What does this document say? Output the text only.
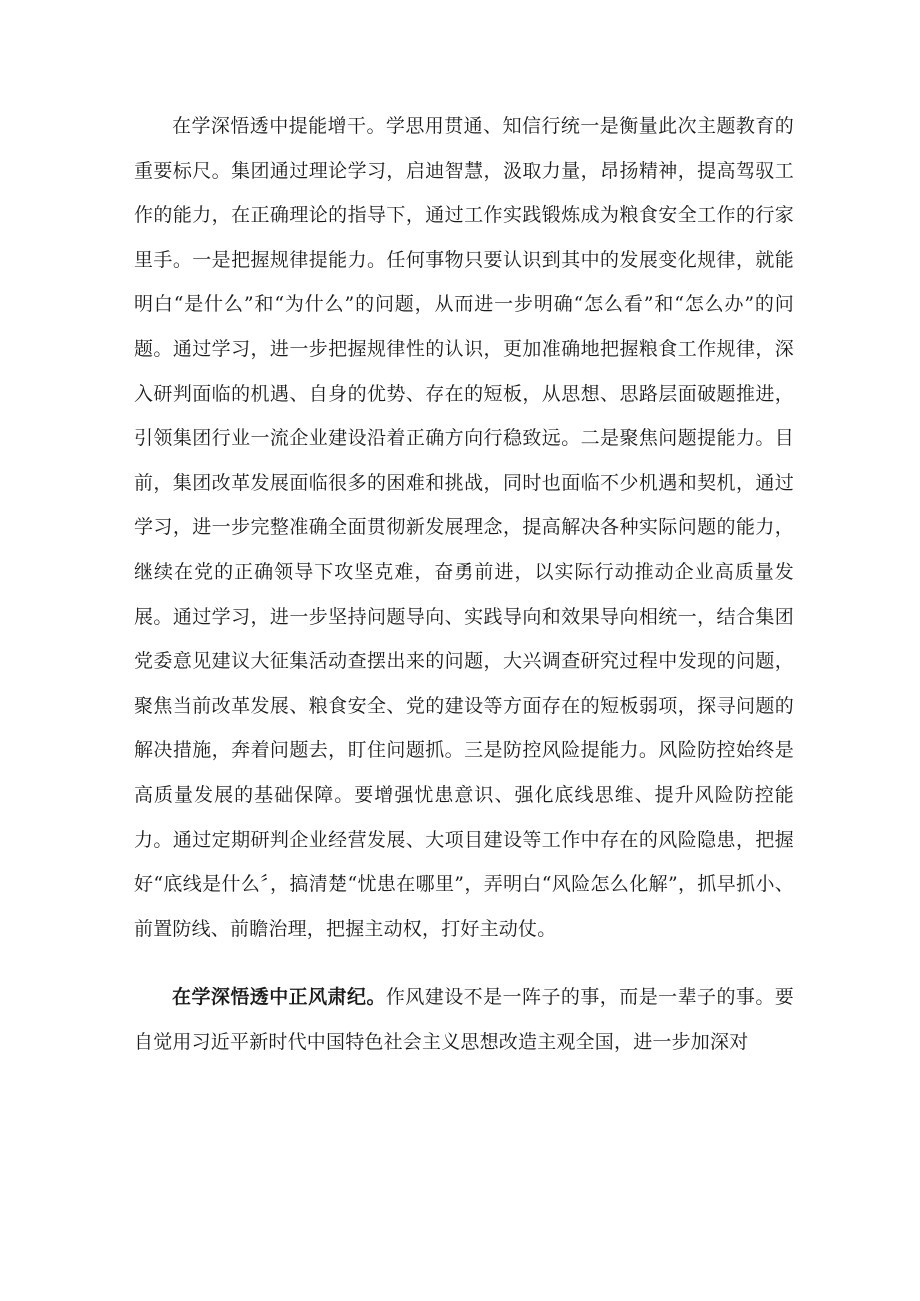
在学深悟透中提能增干。学思用贯通、知信行统一是衡量此次主题教育的重要标尺。集团通过理论学习，启迪智慧，汲取力量，昂扬精神，提高驾驭工作的能力，在正确理论的指导下，通过工作实践锻炼成为粮食安全工作的行家里手。一是把握规律提能力。任何事物只要认识到其中的发展变化规律，就能明白“是什么”和“为什么”的问题，从而进一步明确“怎么看”和“怎么办”的问题。通过学习，进一步把握规律性的认识，更加准确地把握粮食工作规律，深入研判面临的机遇、自身的优势、存在的短板，从思想、思路层面破题推进，引领集团行业一流企业建设沿着正确方向行稳致远。二是聚焦问题提能力。目前，集团改革发展面临很多的困难和挑战，同时也面临不少机遇和契机，通过学习，进一步完整准确全面贯彻新发展理念，提高解决各种实际问题的能力，继续在党的正确领导下攻坚克难，奋勇前进，以实际行动推动企业高质量发展。通过学习，进一步坚持问题导向、实践导向和效果导向相统一，结合集团党委意见建议大征集活动查摆出来的问题，大兴调查研究过程中发现的问题，聚焦当前改革发展、粮食安全、党的建设等方面存在的短板弱项，探寻问题的解决措施，奔着问题去，盯住问题抓。三是防控风险提能力。风险防控始终是高质量发展的基础保障。要增强忧患意识、强化底线思维、提升风险防控能力。通过定期研判企业经营发展、大项目建设等工作中存在的风险隐患，把握好“底线是什么〞，搞清楚“忧患在哪里”，弄明白“风险怎么化解”，抓早抓小、前置防线、前瞻治理，把握主动权，打好主动仗。

在学深悟透中正风肃纪。作风建设不是一阵子的事，而是一辈子的事。要自觉用习近平新时代中国特色社会主义思想改造主观全国，进一步加深对
